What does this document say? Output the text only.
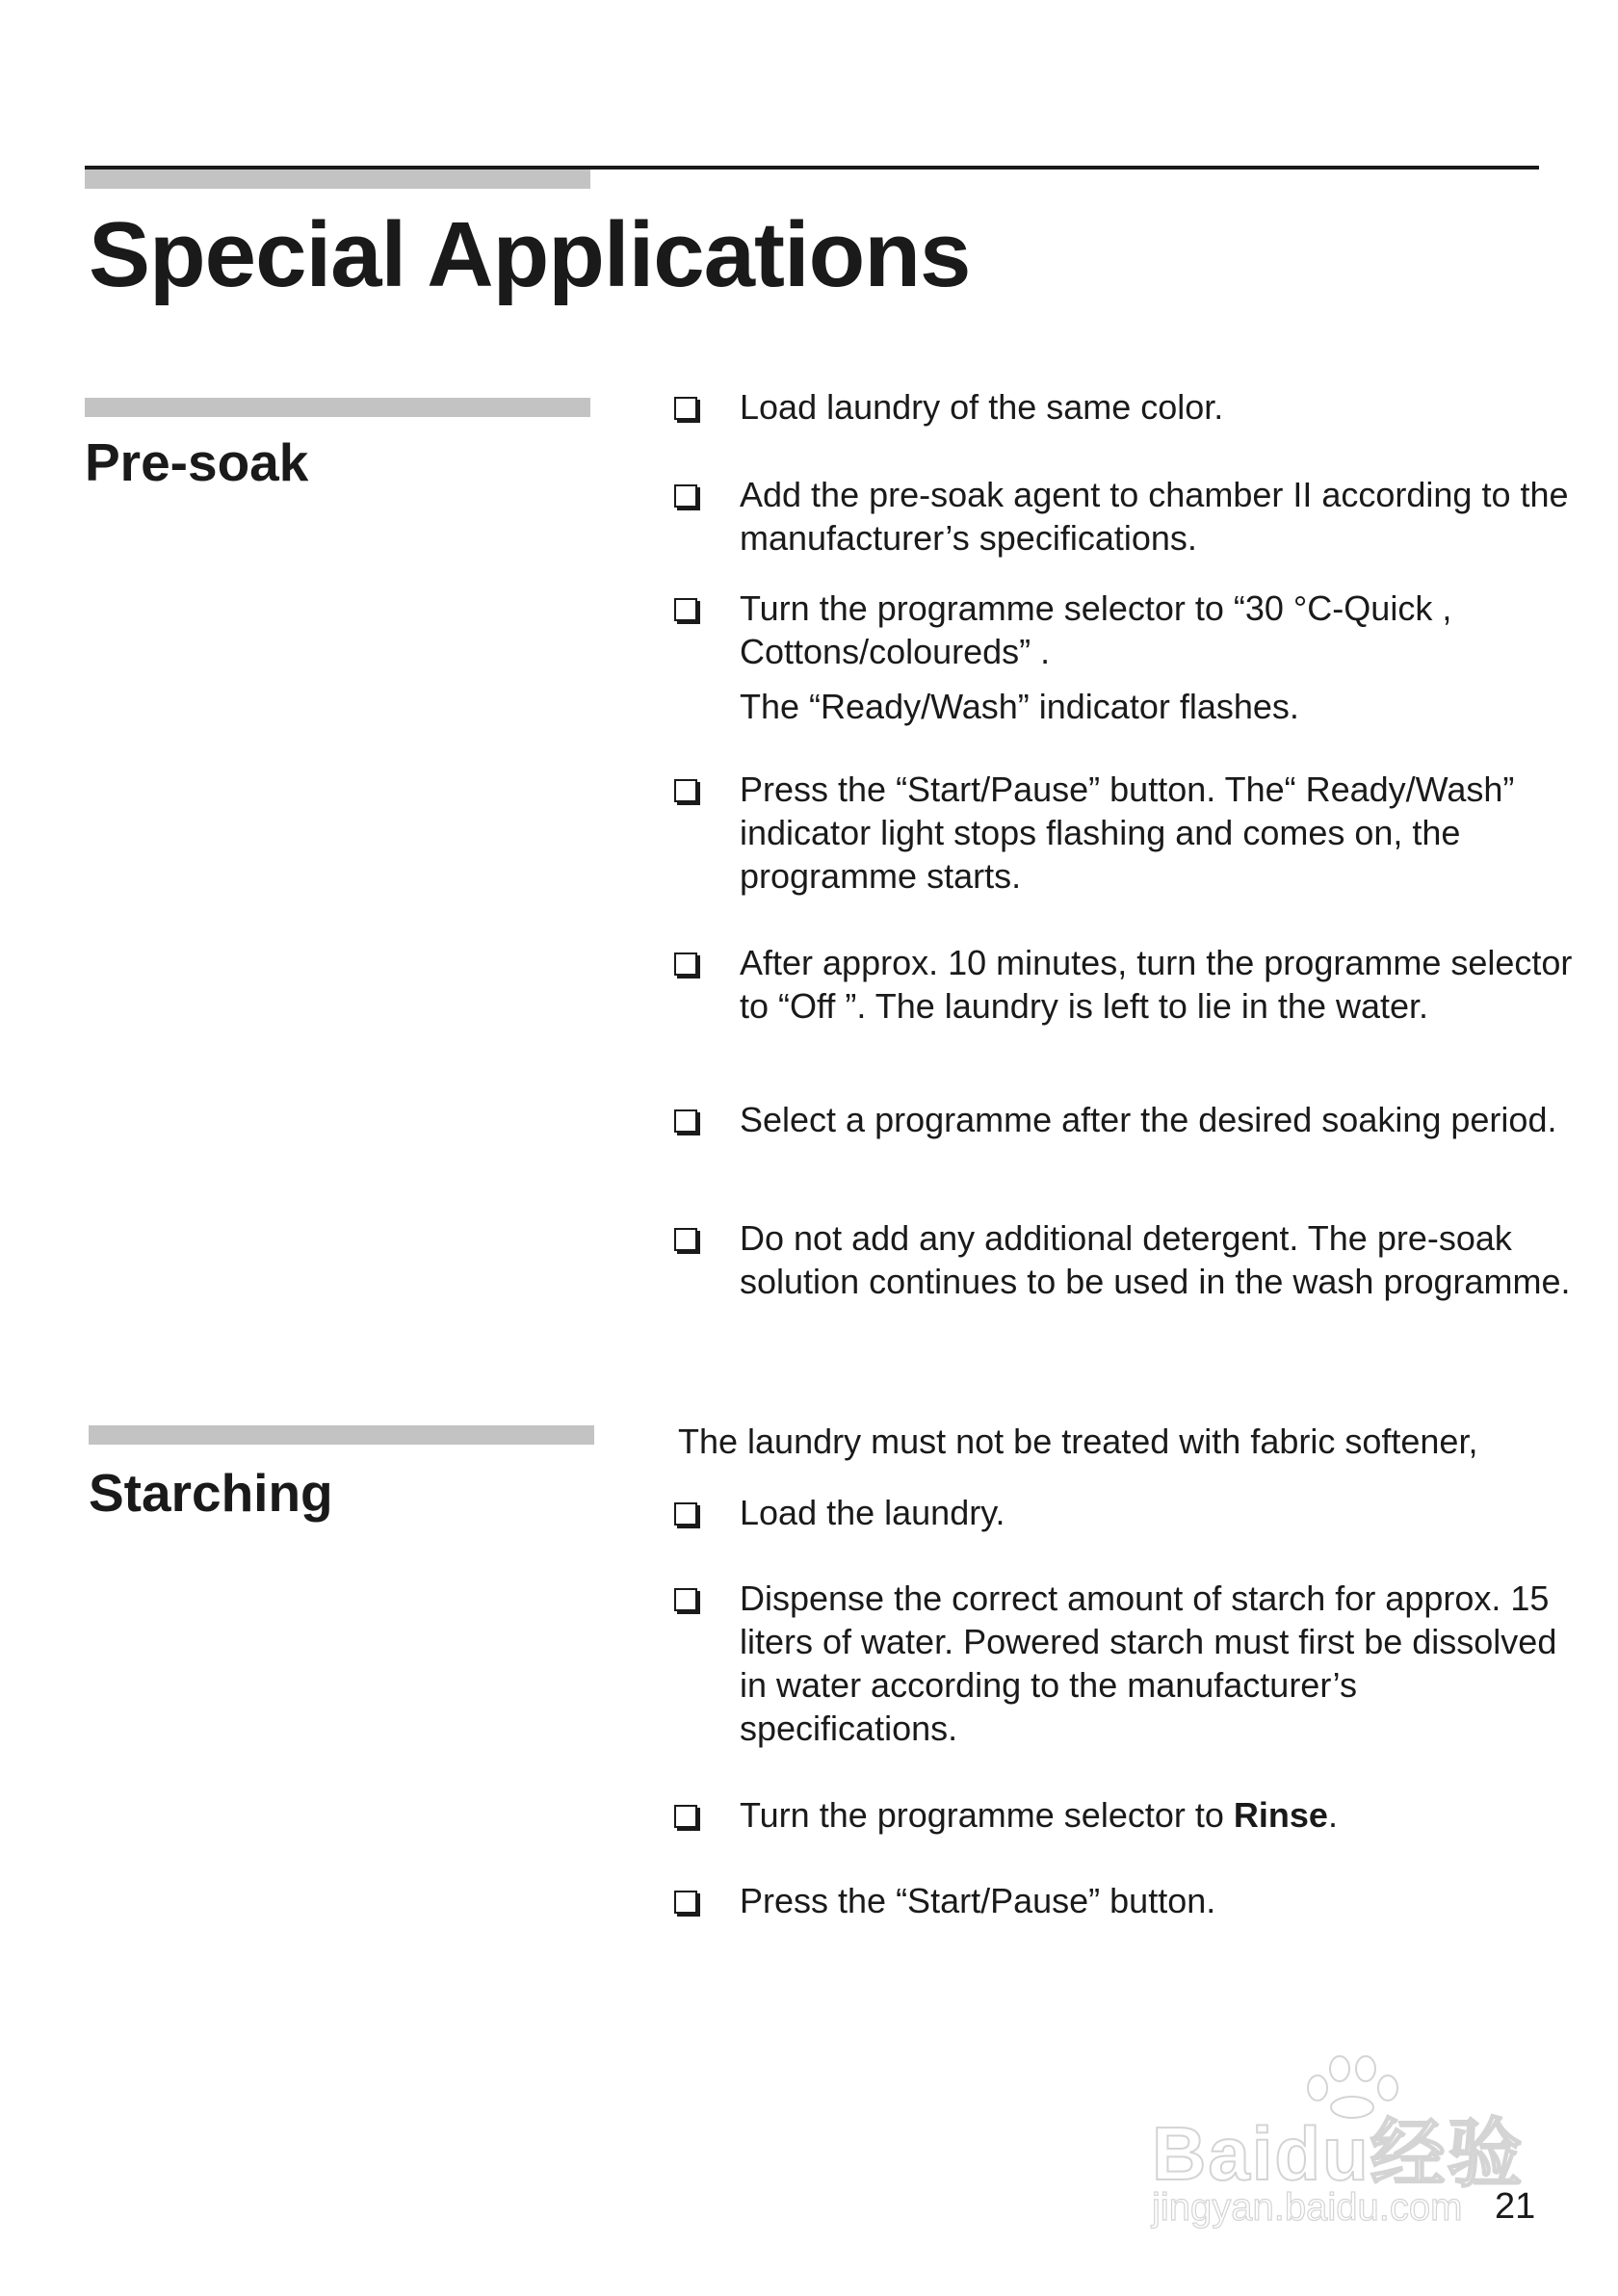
Special Applications
Pre-soak
Load laundry of the same color.
Add the pre-soak agent to chamber II according to the manufacturer’s specifications.
Turn the programme selector to “30 °C-Quick , Cottons/coloureds” .
The “Ready/Wash” indicator flashes.
Press the “Start/Pause” button. The“ Ready/Wash” indicator light stops flashing and comes on, the programme starts.
After approx. 10 minutes, turn the programme selector to “Off ”. The laundry is left to lie in the water.
Select a programme after the desired soaking period.
Do not add any additional detergent. The pre-soak solution continues to be used in the wash programme.
Starching
The laundry must not be treated with fabric softener,
Load the laundry.
Dispense the correct amount of starch for approx. 15 liters of water. Powered starch must first be dissolved in water according to the manufacturer’s specifications.
Turn the programme selector to Rinse.
Press the “Start/Pause” button.
Baidu经验
jingyan.baidu.com 21
